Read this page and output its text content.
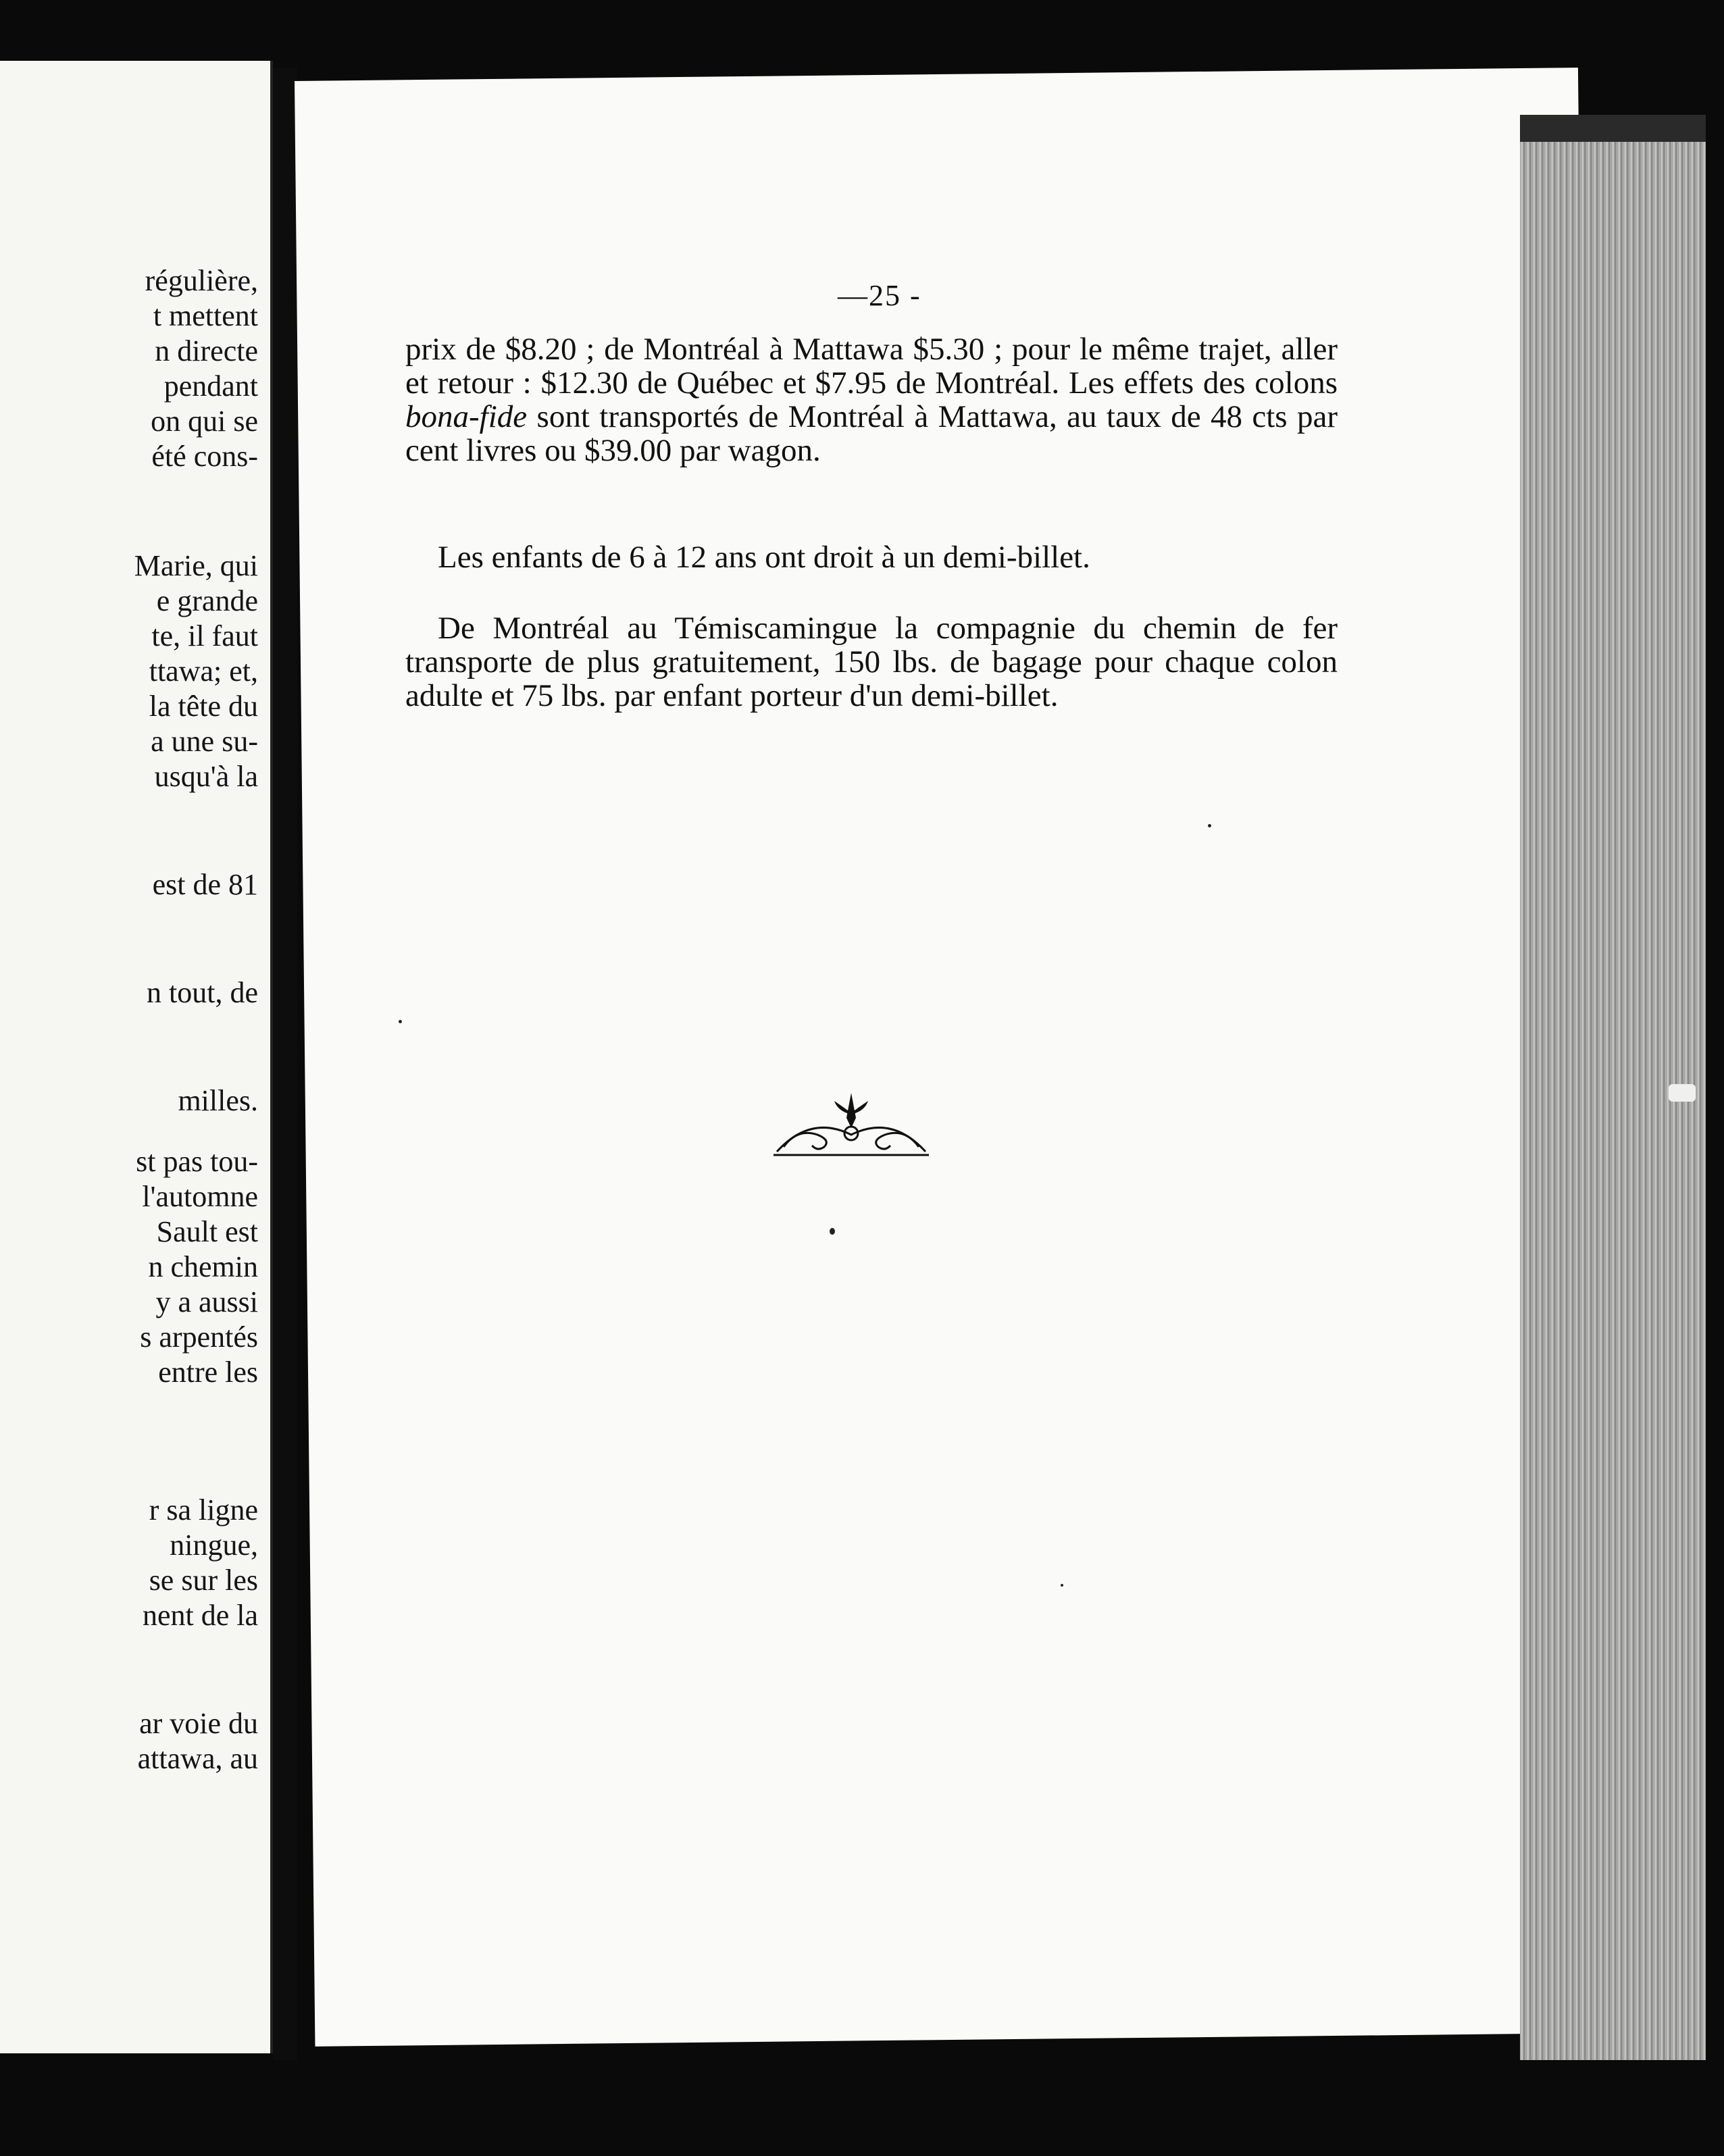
régulière,
t mettent
n directe
pendant
on qui se
été cons-
Marie, qui
e grande
te, il faut
ttawa; et,
la tête du
a une su-
usqu'à la
est de 81
n tout, de
milles.
st pas tou-
l'automne
Sault est
n chemin
y a aussi
s arpentés
entre les
r sa ligne
ningue,
se sur les
nent de la
ar voie du
attawa, au
—25 -

prix de $8.20 ; de Montréal à Mattawa $5.30 ; pour le même trajet, aller et retour : $12.30 de Québec et $7.95 de Montréal. Les effets des colons bona-fide sont transportés de Montréal à Mattawa, au taux de 48 cts par cent livres ou $39.00 par wagon.

Les enfants de 6 à 12 ans ont droit à un demi-billet.

De Montréal au Témiscamingue la compagnie du chemin de fer transporte de plus gratuitement, 150 lbs. de bagage pour chaque colon adulte et 75 lbs. par enfant porteur d'un demi-billet.
